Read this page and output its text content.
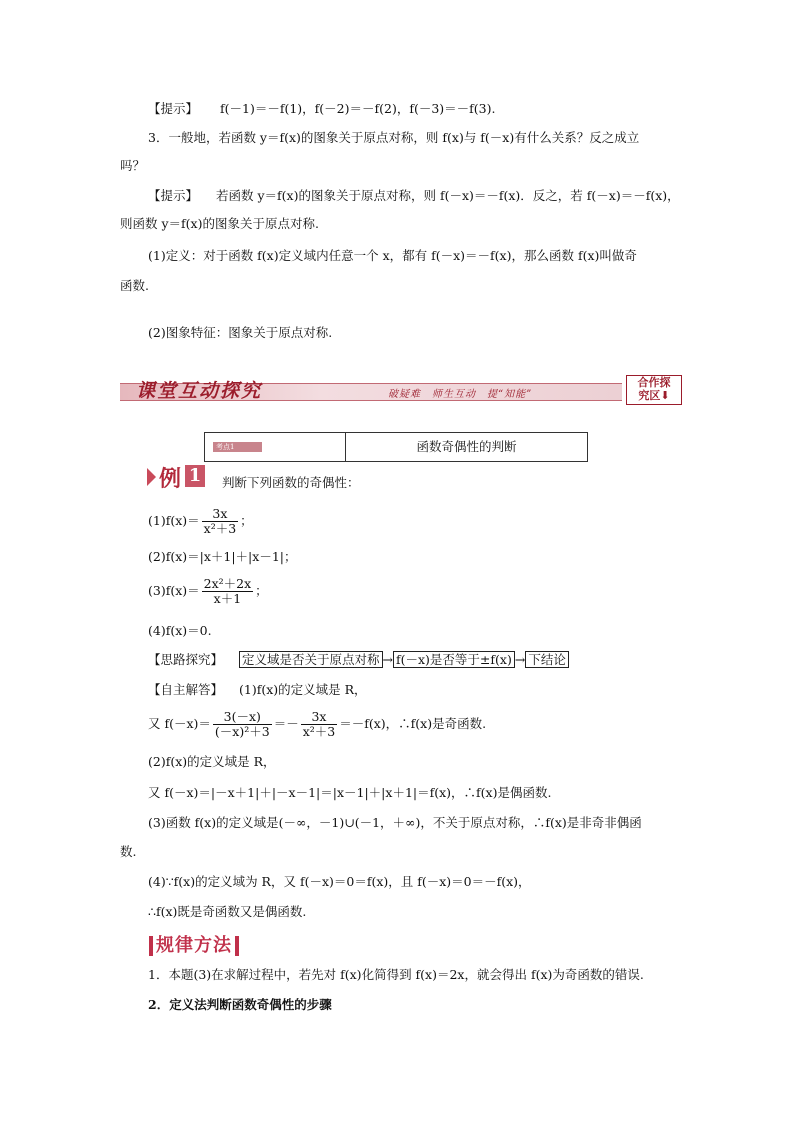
【提示】 f(－1)＝－f(1)，f(－2)＝－f(2)，f(－3)＝－f(3).
3．一般地，若函数 y＝f(x)的图象关于原点对称，则 f(x)与 f(－x)有什么关系？反之成立
吗？
【提示】 若函数 y＝f(x)的图象关于原点对称，则 f(－x)＝－f(x)．反之，若 f(－x)＝－f(x)，
则函数 y＝f(x)的图象关于原点对称.
(1)定义：对于函数 f(x)定义域内任意一个 x，都有 f(－x)＝－f(x)，那么函数 f(x)叫做奇
函数.
(2)图象特征：图象关于原点对称.
课堂互动探究	破疑难　师生互动　提“知能”
合作探
究区⬇
考点1	函数奇偶性的判断
例 1 判断下列函数的奇偶性：
$(1)f(x)= \frac{3x}{\text{x²＋3}}$ ；
(2)f(x)＝|x＋1|＋|x－1|；
$(3)f(x)= \frac{\text{2x²＋2x}}{x+1}$ ；
(4)f(x)＝0.
【思路探究】 定义域是否关于原点对称 → f(－x)是否等于±f(x) → 下结论
【自主解答】 (1)f(x)的定义域是 R，
又 $f(-x)= \frac{3(-x)}{\text{(－x)²＋3}} =- \frac{3x}{\text{x²＋3}} =-f(x)$，∴f(x)是奇函数.
(2)f(x)的定义域是 R，
又 f(－x)＝|－x＋1|＋|－x－1|＝|x－1|＋|x＋1|＝f(x)，∴f(x)是偶函数.
(3)函数 f(x)的定义域是(－∞，－1)∪(－1，＋∞)，不关于原点对称，∴f(x)是非奇非偶函
数.
(4)∵f(x)的定义域为 R，又 f(－x)＝0＝f(x)，且 f(－x)＝0＝－f(x)，
∴f(x)既是奇函数又是偶函数.
规律方法
1．本题(3)在求解过程中，若先对 f(x)化简得到 f(x)＝2x，就会得出 f(x)为奇函数的错误.
2．定义法判断函数奇偶性的步骤
